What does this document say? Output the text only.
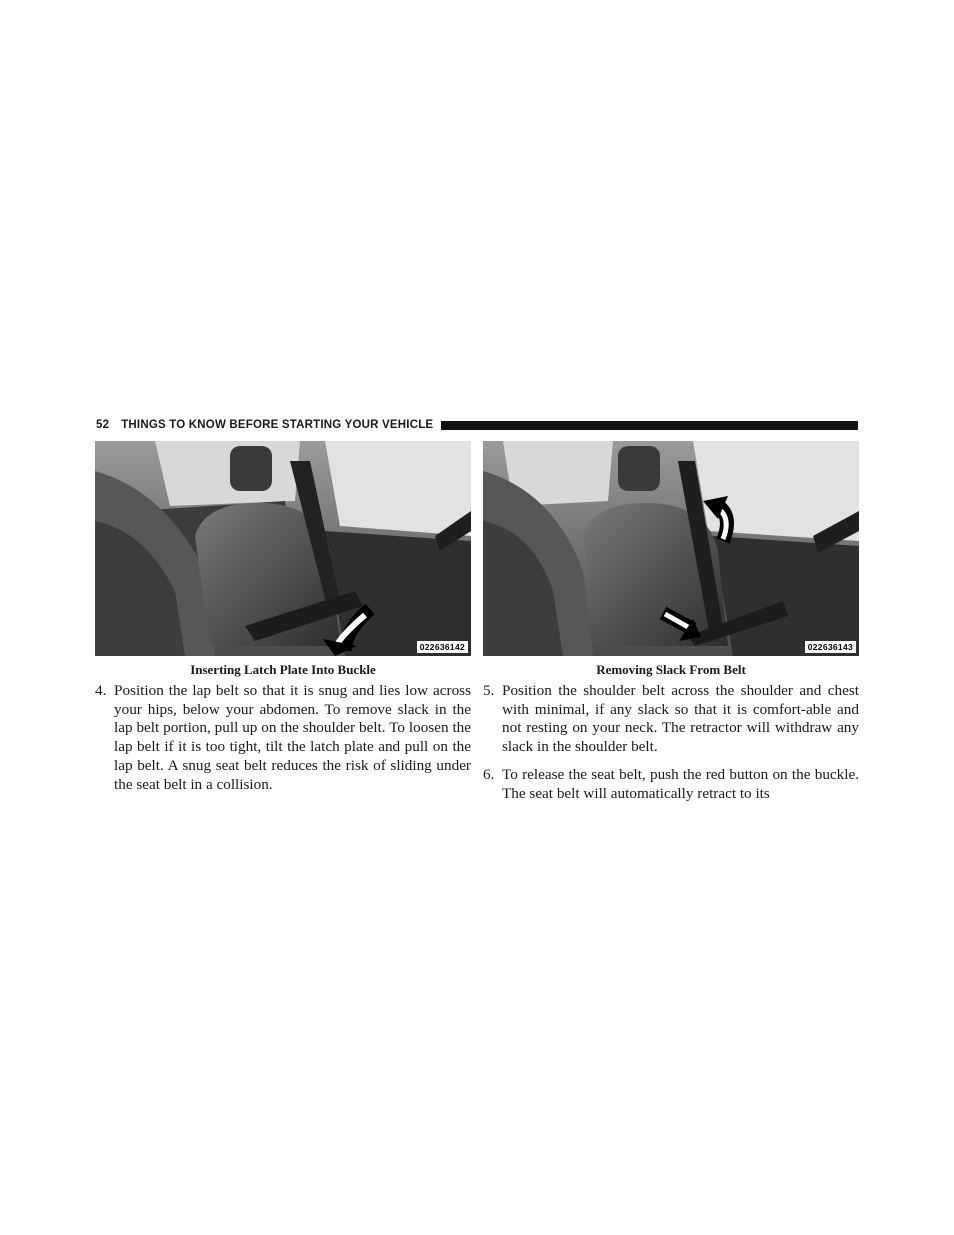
52 THINGS TO KNOW BEFORE STARTING YOUR VEHICLE
022636142
Inserting Latch Plate Into Buckle
022636143
Removing Slack From Belt
4. Position the lap belt so that it is snug and lies low across your hips, below your abdomen. To remove slack in the lap belt portion, pull up on the shoulder belt. To loosen the lap belt if it is too tight, tilt the latch plate and pull on the lap belt. A snug seat belt reduces the risk of sliding under the seat belt in a collision.
5. Position the shoulder belt across the shoulder and chest with minimal, if any slack so that it is comfort-able and not resting on your neck. The retractor will withdraw any slack in the shoulder belt.
6. To release the seat belt, push the red button on the buckle. The seat belt will automatically retract to its
